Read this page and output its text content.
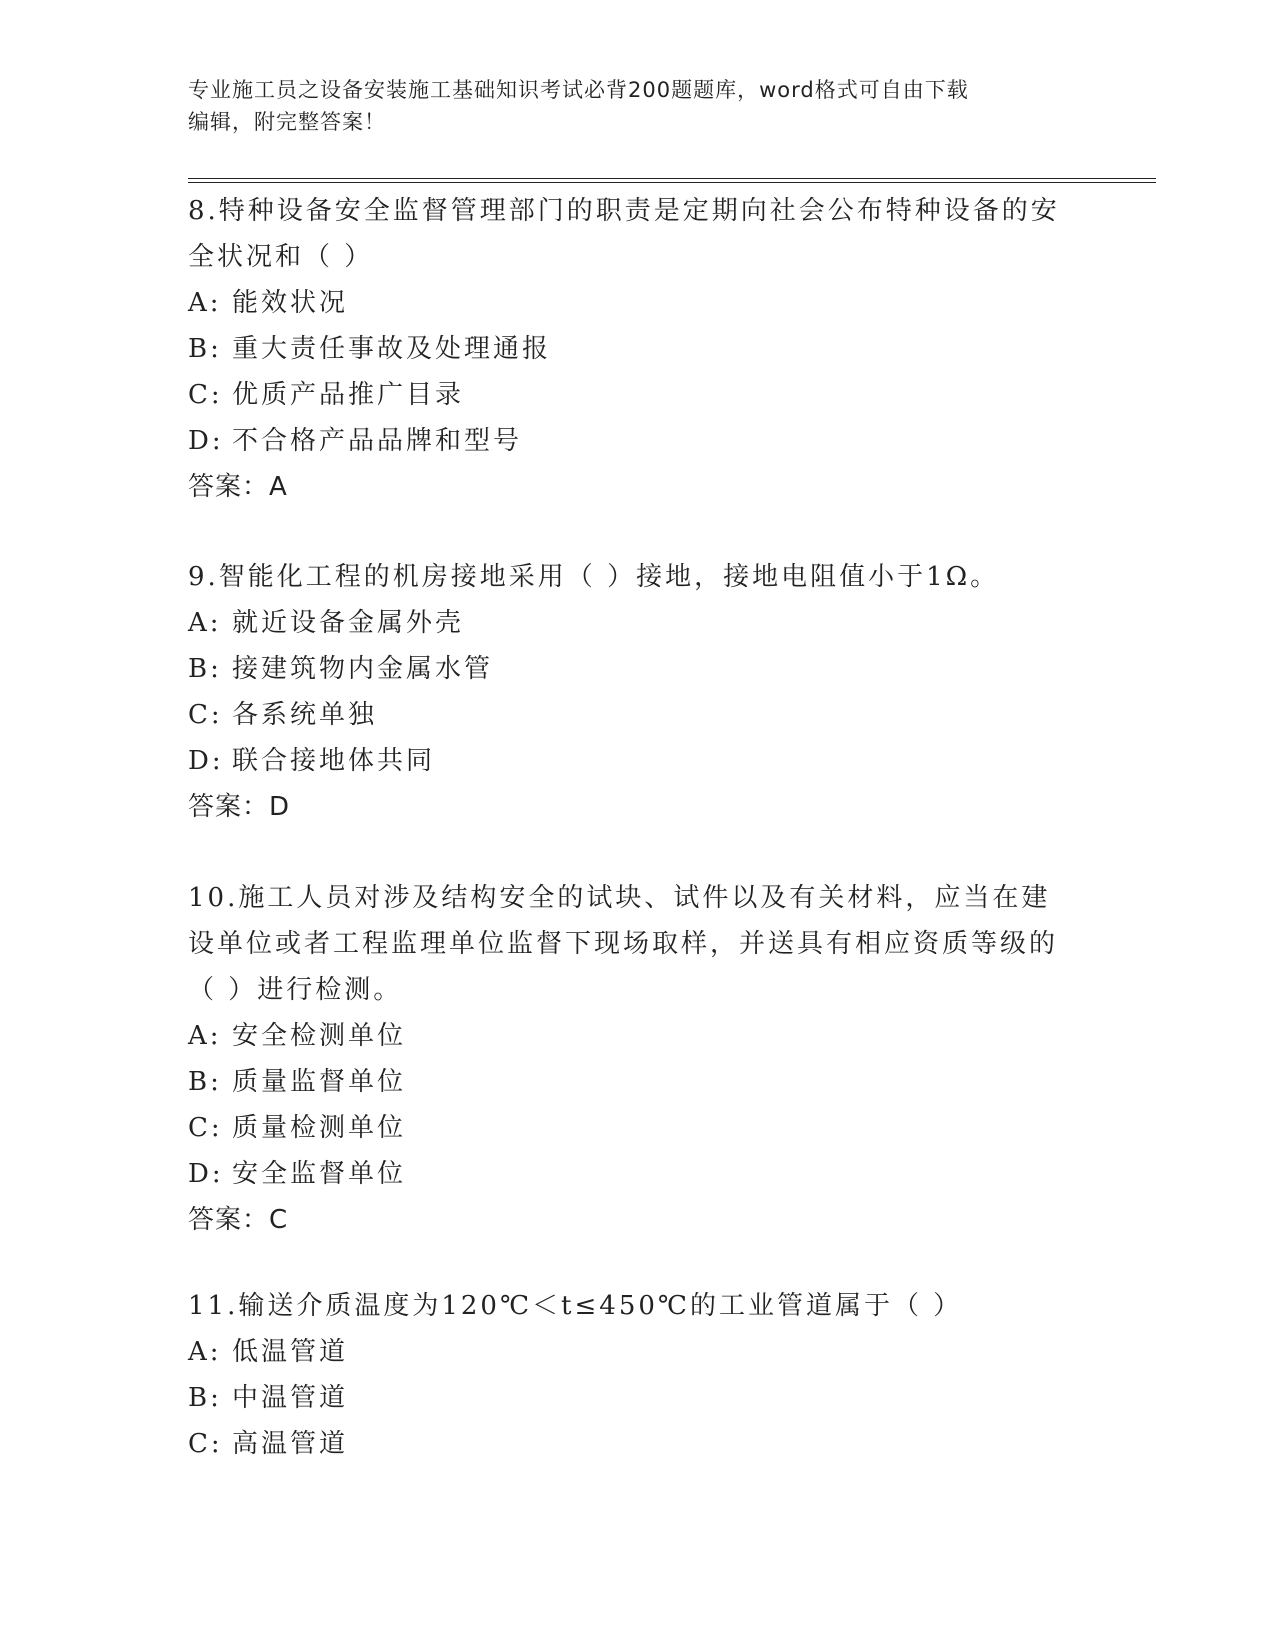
专业施工员之设备安装施工基础知识考试必背200题题库，word格式可自由下载
编辑，附完整答案！
8.特种设备安全监督管理部门的职责是定期向社会公布特种设备的安全状况和（ ）
A: 能效状况
B: 重大责任事故及处理通报
C: 优质产品推广目录
D: 不合格产品品牌和型号
答案：A
9.智能化工程的机房接地采用（ ）接地，接地电阻值小于1Ω。
A: 就近设备金属外壳
B: 接建筑物内金属水管
C: 各系统单独
D: 联合接地体共同
答案：D
10.施工人员对涉及结构安全的试块、试件以及有关材料，应当在建设单位或者工程监理单位监督下现场取样，并送具有相应资质等级的（ ）进行检测。
A: 安全检测单位
B: 质量监督单位
C: 质量检测单位
D: 安全监督单位
答案：C
11.输送介质温度为120℃＜t≤450℃的工业管道属于（ ）
A: 低温管道
B: 中温管道
C: 高温管道
